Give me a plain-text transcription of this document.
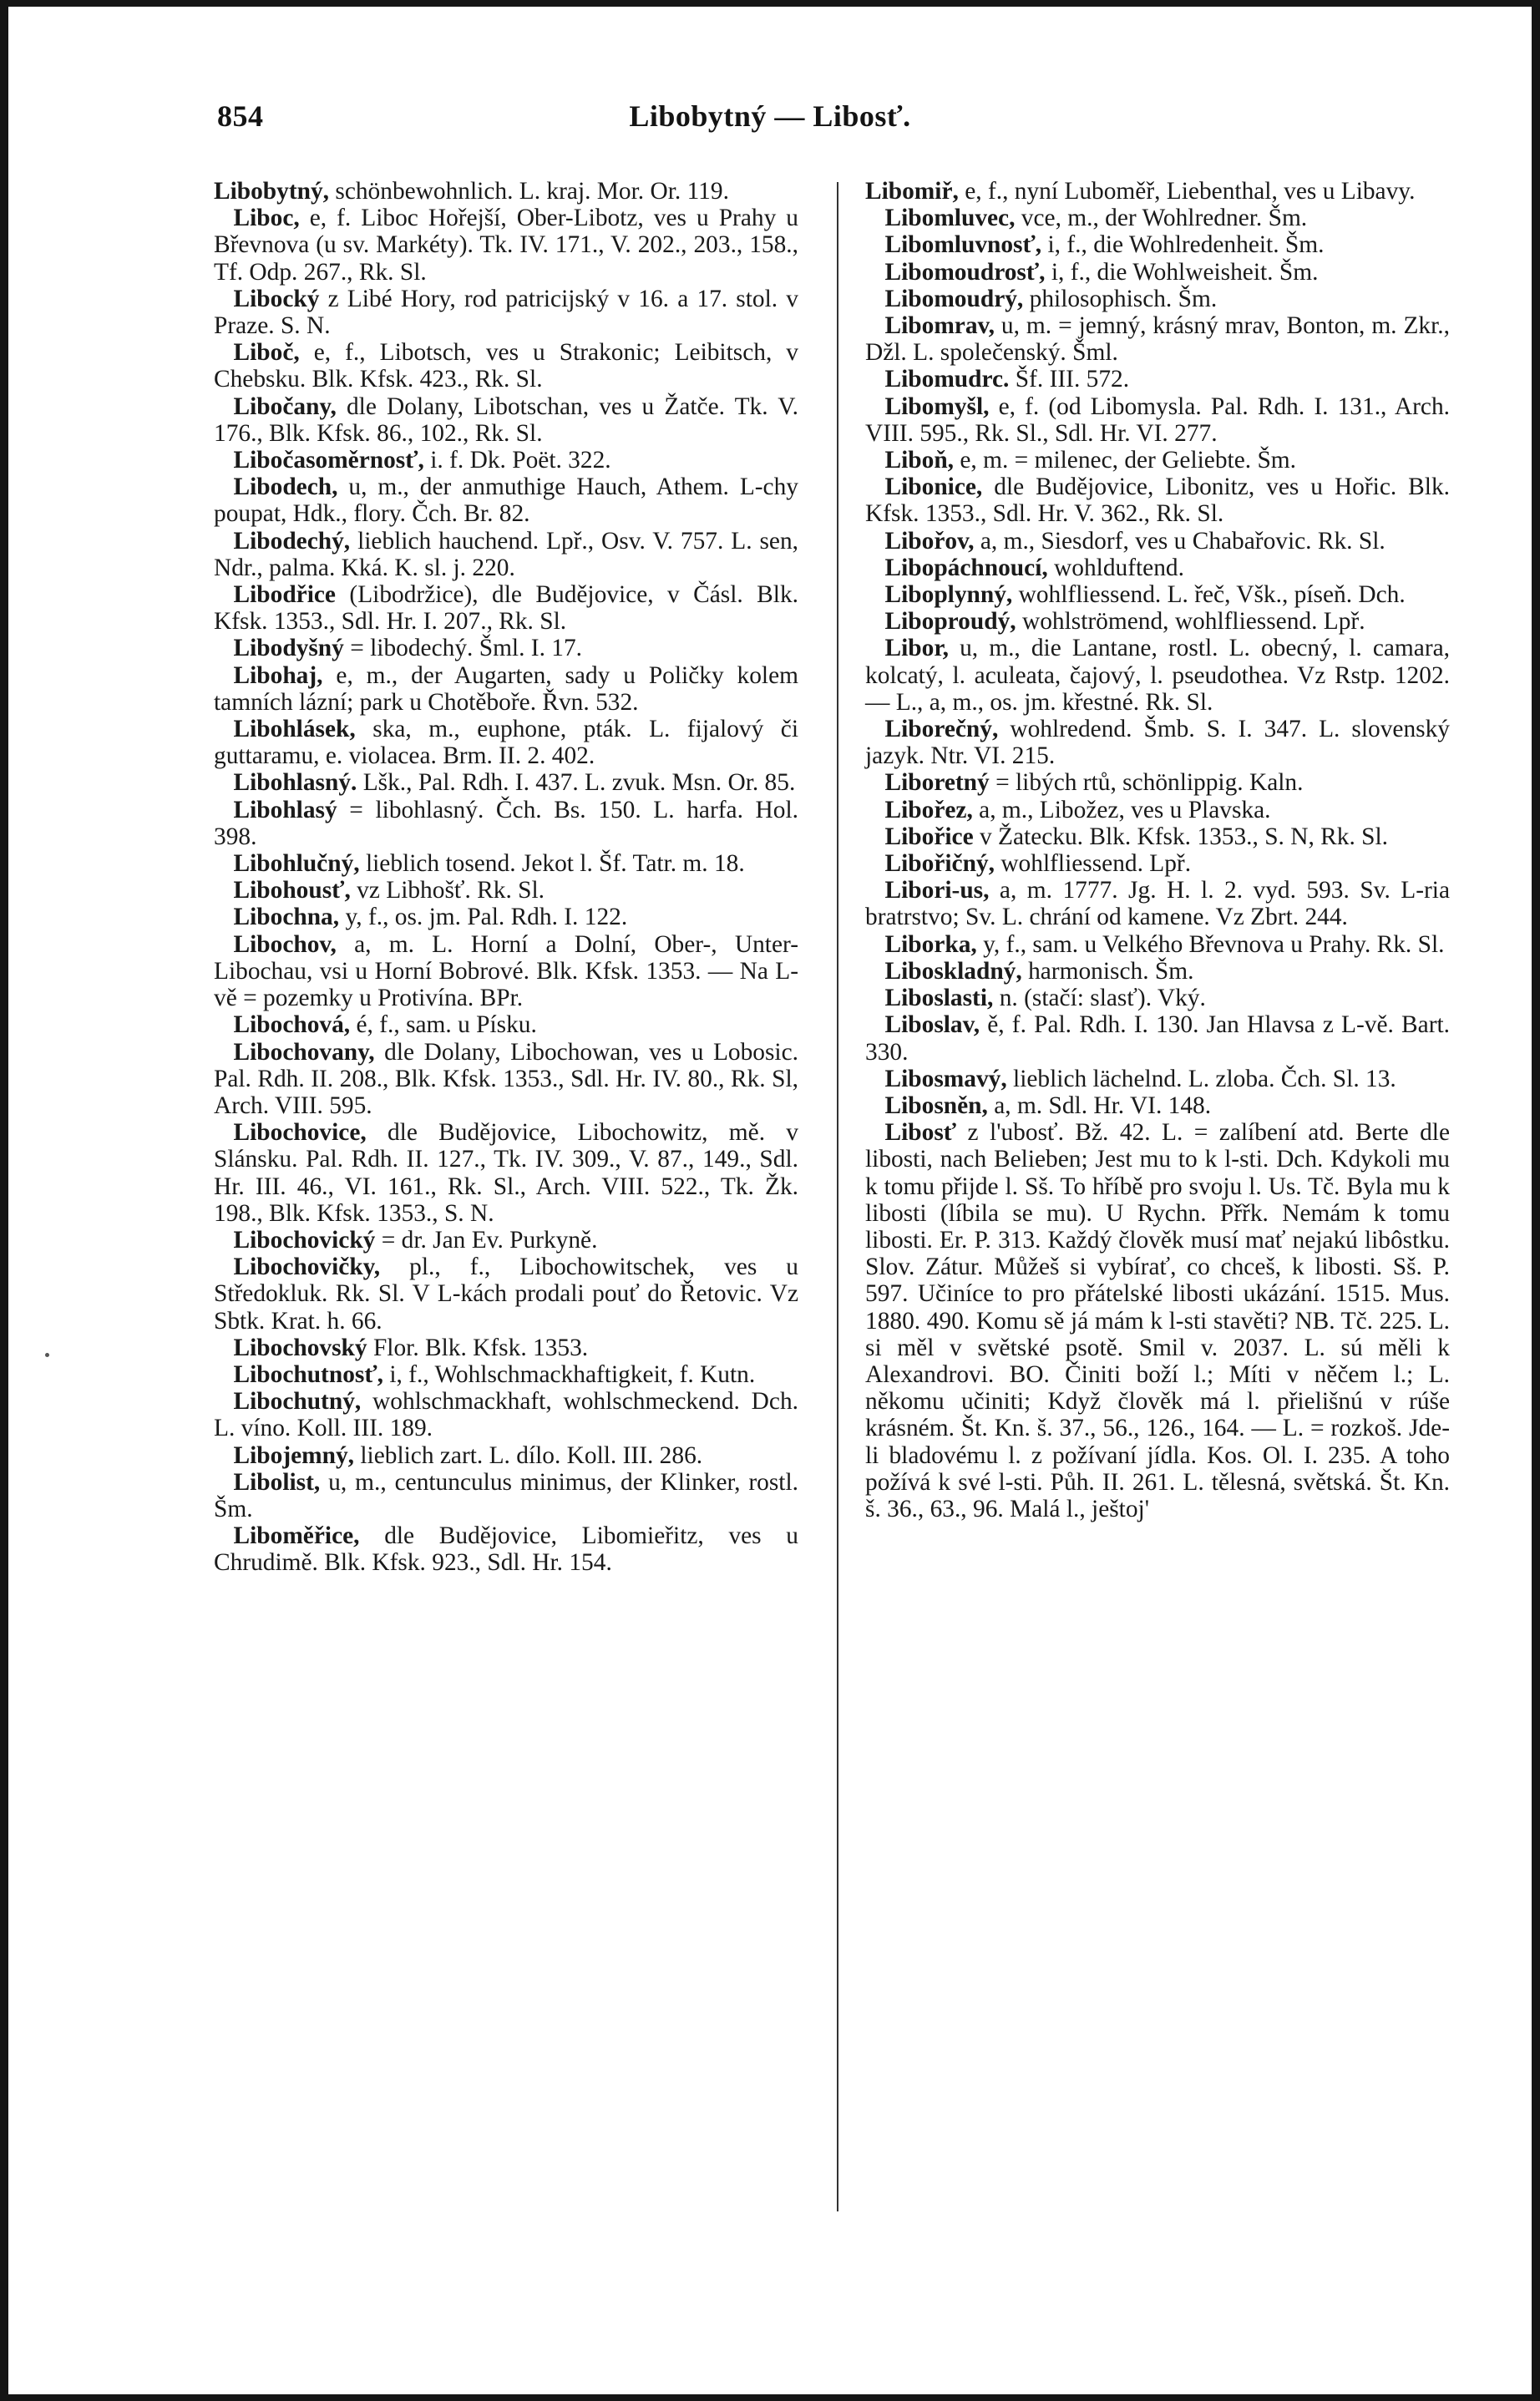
854	Libobytný — Libosť.

Libobytný, schönbewohnlich. L. kraj. Mor. Or. 119.

Liboc, e, f. Liboc Hořejší, Ober-Libotz, ves u Prahy u Břevnova (u sv. Markéty). Tk. IV. 171., V. 202., 203., 158., Tf. Odp. 267., Rk. Sl.

Libocký z Libé Hory, rod patricijský v 16. a 17. stol. v Praze. S. N.

Liboč, e, f., Libotsch, ves u Strakonic; Leibitsch, v Chebsku. Blk. Kfsk. 423., Rk. Sl.

Libočany, dle Dolany, Libotschan, ves u Žatče. Tk. V. 176., Blk. Kfsk. 86., 102., Rk. Sl.

Libočasoměrnosť, i. f. Dk. Poët. 322.

Libodech, u, m., der anmuthige Hauch, Athem. L-chy poupat, Hdk., flory. Čch. Br. 82.

Libodechý, lieblich hauchend. Lpř., Osv. V. 757. L. sen, Ndr., palma. Kká. K. sl. j. 220.

Libodřice (Libodržice), dle Budějovice, v Čásl. Blk. Kfsk. 1353., Sdl. Hr. I. 207., Rk. Sl.

Libodyšný = libodechý. Šml. I. 17.

Libohaj, e, m., der Augarten, sady u Poličky kolem tamních lázní; park u Chotěboře. Řvn. 532.

Libohlásek, ska, m., euphone, pták. L. fijalový či guttaramu, e. violacea. Brm. II. 2. 402.

Libohlasný. Lšk., Pal. Rdh. I. 437. L. zvuk. Msn. Or. 85.

Libohlasý = libohlasný. Čch. Bs. 150. L. harfa. Hol. 398.

Libohlučný, lieblich tosend. Jekot l. Šf. Tatr. m. 18.

Libohousť, vz Libhošť. Rk. Sl.

Libochna, y, f., os. jm. Pal. Rdh. I. 122.

Libochov, a, m. L. Horní a Dolní, Ober-, Unter-Libochau, vsi u Horní Bobrové. Blk. Kfsk. 1353. — Na L-vě = pozemky u Protivína. BPr.

Libochová, é, f., sam. u Písku.

Libochovany, dle Dolany, Libochowan, ves u Lobosic. Pal. Rdh. II. 208., Blk. Kfsk. 1353., Sdl. Hr. IV. 80., Rk. Sl, Arch. VIII. 595.

Libochovice, dle Budějovice, Libochowitz, mě. v Slánsku. Pal. Rdh. II. 127., Tk. IV. 309., V. 87., 149., Sdl. Hr. III. 46., VI. 161., Rk. Sl., Arch. VIII. 522., Tk. Žk. 198., Blk. Kfsk. 1353., S. N.

Libochovický = dr. Jan Ev. Purkyně.

Libochovičky, pl., f., Libochowitschek, ves u Středokluk. Rk. Sl. V L-kách prodali pouť do Řetovic. Vz Sbtk. Krat. h. 66.

Libochovský Flor. Blk. Kfsk. 1353.

Libochutnosť, i, f., Wohlschmackhaftigkeit, f. Kutn.

Libochutný, wohlschmackhaft, wohlschmeckend. Dch. L. víno. Koll. III. 189.

Libojemný, lieblich zart. L. dílo. Koll. III. 286.

Libolist, u, m., centunculus minimus, der Klinker, rostl. Šm.

Liboměřice, dle Budějovice, Libomieřitz, ves u Chrudimě. Blk. Kfsk. 923., Sdl. Hr. 154.

Libomiř, e, f., nyní Luboměř, Liebenthal, ves u Libavy.

Libomluvec, vce, m., der Wohlredner. Šm.

Libomluvnosť, i, f., die Wohlredenheit. Šm.

Libomoudrosť, i, f., die Wohlweisheit. Šm.

Libomoudrý, philosophisch. Šm.

Libomrav, u, m. = jemný, krásný mrav, Bonton, m. Zkr., Džl. L. společenský. Šml.

Libomudrc. Šf. III. 572.

Libomyšl, e, f. (od Libomysla. Pal. Rdh. I. 131., Arch. VIII. 595., Rk. Sl., Sdl. Hr. VI. 277.

Liboň, e, m. = milenec, der Geliebte. Šm.

Libonice, dle Budějovice, Libonitz, ves u Hořic. Blk. Kfsk. 1353., Sdl. Hr. V. 362., Rk. Sl.

Libořov, a, m., Siesdorf, ves u Chabařovic. Rk. Sl.

Libopáchnoucí, wohlduftend.

Liboplynný, wohlfliessend. L. řeč, Všk., píseň. Dch.

Liboproudý, wohlströmend, wohlfliessend. Lpř.

Libor, u, m., die Lantane, rostl. L. obecný, l. camara, kolcatý, l. aculeata, čajový, l. pseudothea. Vz Rstp. 1202. — L., a, m., os. jm. křestné. Rk. Sl.

Liborečný, wohlredend. Šmb. S. I. 347. L. slovenský jazyk. Ntr. VI. 215.

Liboretný = libých rtů, schönlippig. Kaln.

Libořez, a, m., Libožez, ves u Plavska.

Libořice v Žatecku. Blk. Kfsk. 1353., S. N, Rk. Sl.

Libořičný, wohlfliessend. Lpř.

Libori-us, a, m. 1777. Jg. H. l. 2. vyd. 593. Sv. L-ria bratrstvo; Sv. L. chrání od kamene. Vz Zbrt. 244.

Liborka, y, f., sam. u Velkého Břevnova u Prahy. Rk. Sl.

Liboskladný, harmonisch. Šm.

Liboslasti, n. (stačí: slasť). Vký.

Liboslav, ě, f. Pal. Rdh. I. 130. Jan Hlavsa z L-vě. Bart. 330.

Libosmavý, lieblich lächelnd. L. zloba. Čch. Sl. 13.

Libosněn, a, m. Sdl. Hr. VI. 148.

Libosť z l'ubosť. Bž. 42. L. = zalíbení atd. Berte dle libosti, nach Belieben; Jest mu to k l-sti. Dch. Kdykoli mu k tomu přijde l. Sš. To hříbě pro svoju l. Us. Tč. Byla mu k libosti (líbila se mu). U Rychn. Přřk. Nemám k tomu libosti. Er. P. 313. Každý člověk musí mať nejakú libôstku. Slov. Zátur. Můžeš si vybírať, co chceš, k libosti. Sš. P. 597. Učiníce to pro přátelské libosti ukázání. 1515. Mus. 1880. 490. Komu sě já mám k l-sti stavěti? NB. Tč. 225. L. si měl v světské psotě. Smil v. 2037. L. sú měli k Alexandrovi. BO. Činiti boží l.; Míti v něčem l.; L. někomu učiniti; Když člověk má l. přielišnú v rúše krásném. Št. Kn. š. 37., 56., 126., 164. — L. = rozkoš. Jde-li bladovému l. z požívaní jídla. Kos. Ol. I. 235. A toho požívá k své l-sti. Půh. II. 261. L. tělesná, světská. Št. Kn. š. 36., 63., 96. Malá l., ještoj'
